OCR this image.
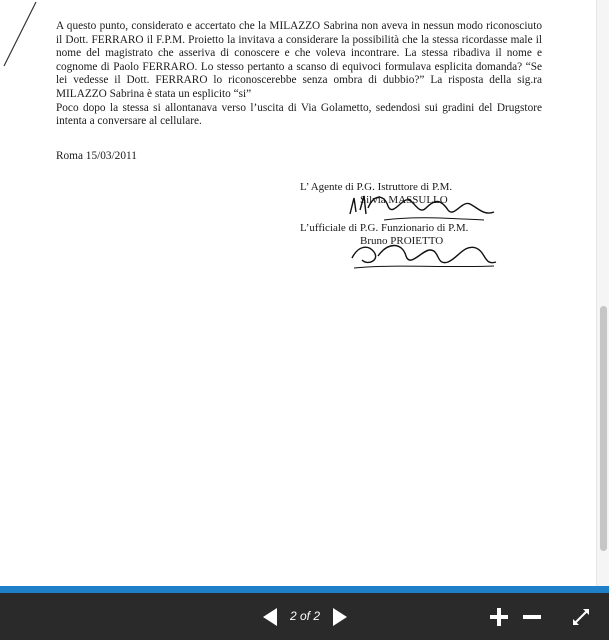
A questo punto, considerato e accertato che la MILAZZO Sabrina non aveva in nessun modo riconosciuto il Dott. FERRARO il F.P.M. Proietto la invitava a considerare la possibilità che la stessa ricordasse male il nome del magistrato che asseriva di conoscere e che voleva incontrare. La stessa ribadiva il nome e cognome di Paolo FERRARO. Lo stesso pertanto a scanso di equivoci formulava esplicita domanda? “Se lei vedesse il Dott. FERRARO lo riconoscerebbe senza ombra di dubbio?” La risposta della sig.ra MILAZZO Sabrina è stata un esplicito “si”

Poco dopo la stessa si allontanava verso l’uscita di Via Golametto, sedendosi sui gradini del Drugstore intenta a conversare al cellulare.

Roma 15/03/2011
L’ Agente di P.G. Istruttore di P.M.
Silvia MASSULLO
L’ufficiale di P.G. Funzionario di P.M.
Bruno PROIETTO
2 of 2
